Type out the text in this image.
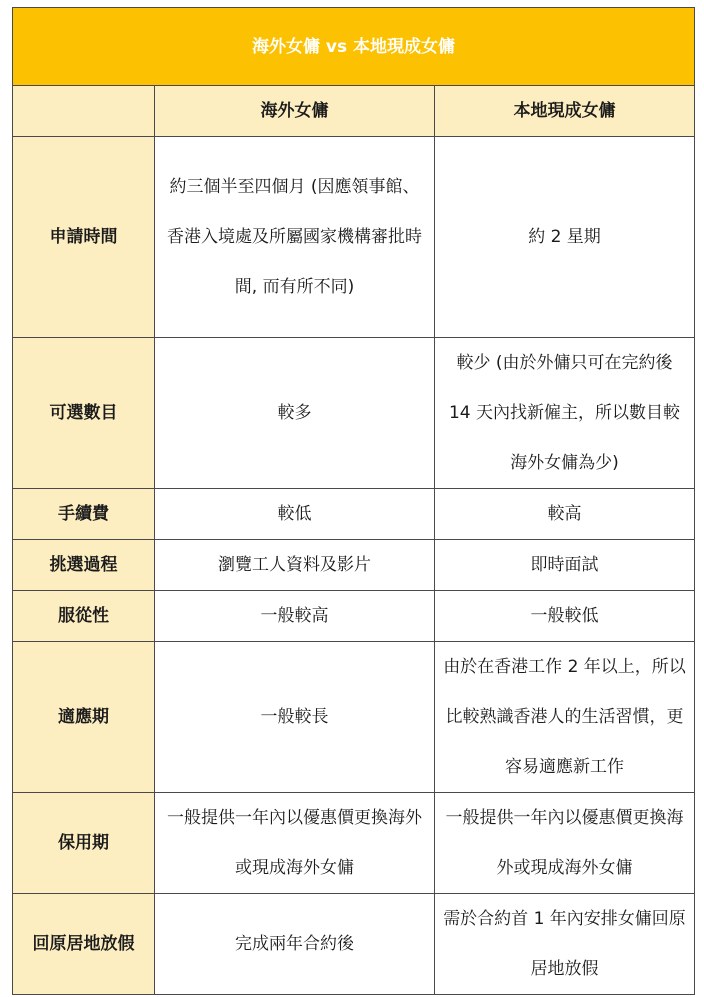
海外女傭 vs 本地現成女傭		
	海外女傭	本地現成女傭
申請時間	約三個半至四個月 (因應領事館、香港入境處及所屬國家機構審批時間, 而有所不同)	約 2 星期
可選數目	較多	較少 (由於外傭只可在完約後 14 天內找新僱主，所以數目較海外女傭為少)
手續費	較低	較高
挑選過程	瀏覽工人資料及影片	即時面試
服從性	一般較高	一般較低
適應期	一般較長	由於在香港工作 2 年以上，所以比較熟識香港人的生活習慣，更容易適應新工作
保用期	一般提供一年內以優惠價更換海外或現成海外女傭	一般提供一年內以優惠價更換海外或現成海外女傭
回原居地放假	完成兩年合約後	需於合約首 1 年內安排女傭回原居地放假
